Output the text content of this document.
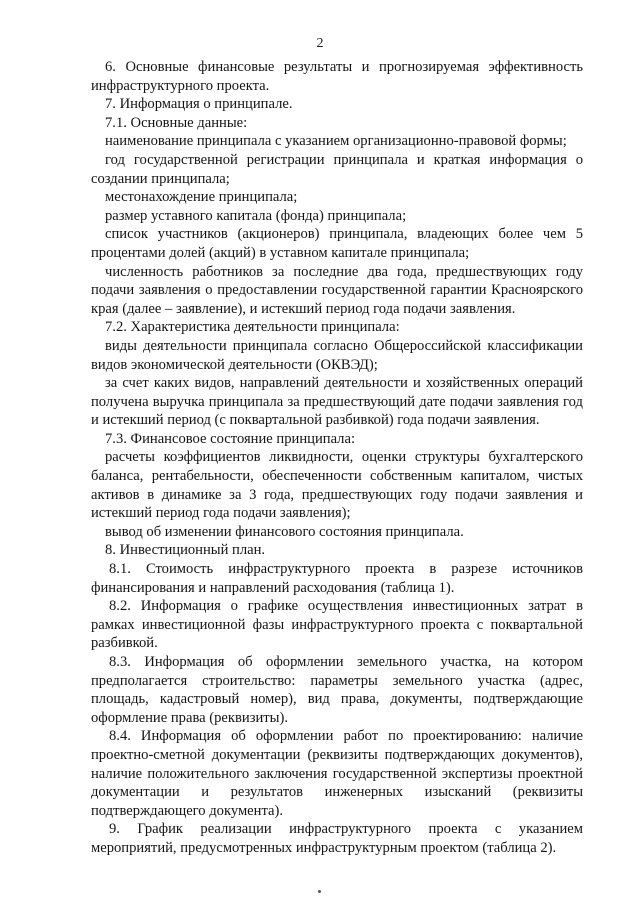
2

6. Основные финансовые результаты и прогнозируемая эффективность инфраструктурного проекта.

7. Информация о принципале.

7.1. Основные данные:

наименование принципала с указанием организационно-правовой формы;

год государственной регистрации принципала и краткая информация о создании принципала;

местонахождение принципала;

размер уставного капитала (фонда) принципала;

список участников (акционеров) принципала, владеющих более чем 5 процентами долей (акций) в уставном капитале принципала;

численность работников за последние два года, предшествующих году подачи заявления о предоставлении государственной гарантии Красноярского края (далее – заявление), и истекший период года подачи заявления.

7.2. Характеристика деятельности принципала:

виды деятельности принципала согласно Общероссийской классификации видов экономической деятельности (ОКВЭД);

за счет каких видов, направлений деятельности и хозяйственных операций получена выручка принципала за предшествующий дате подачи заявления год и истекший период (с поквартальной разбивкой) года подачи заявления.

7.3. Финансовое состояние принципала:

расчеты коэффициентов ликвидности, оценки структуры бухгалтерского баланса, рентабельности, обеспеченности собственным капиталом, чистых активов в динамике за 3 года, предшествующих году подачи заявления и истекший период года подачи заявления);

вывод об изменении финансового состояния принципала.

8. Инвестиционный план.

8.1. Стоимость инфраструктурного проекта в разрезе источников финансирования и направлений расходования (таблица 1).

8.2. Информация о графике осуществления инвестиционных затрат в рамках инвестиционной фазы инфраструктурного проекта с поквартальной разбивкой.

8.3. Информация об оформлении земельного участка, на котором предполагается строительство: параметры земельного участка (адрес, площадь, кадастровый номер), вид права, документы, подтверждающие оформление права (реквизиты).

8.4. Информация об оформлении работ по проектированию: наличие проектно-сметной документации (реквизиты подтверждающих документов), наличие положительного заключения государственной экспертизы проектной документации и результатов инженерных изысканий (реквизиты подтверждающего документа).

9. График реализации инфраструктурного проекта с указанием мероприятий, предусмотренных инфраструктурным проектом (таблица 2).
